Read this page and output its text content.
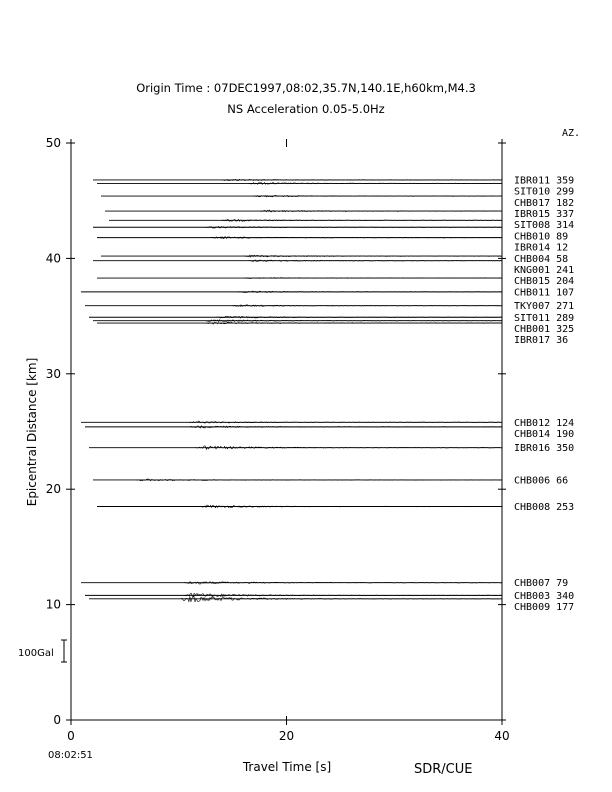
Origin Time : 07DEC1997,08:02,35.7N,140.1E,h60km,M4.3
NS Acceleration 0.05-5.0Hz
Travel Time [s]
Epicentral Distance [km]
08:02:51
AZ.
100Gal
IBR011 359
SIT010 299
CHB017 182
IBR015 337
SIT008 314
CHB010 89
IBR014 12
CHB004 58
KNG001 241
CHB015 204
CHB011 107
TKY007 271
SIT011 289
CHB001 325
IBR017 36
CHB012 124
CHB014 190
IBR016 350
CHB006 66
CHB008 253
CHB007 79
CHB003 340
CHB009 177
0
10
20
30
40
50
0	20	40
SDR/CUE
